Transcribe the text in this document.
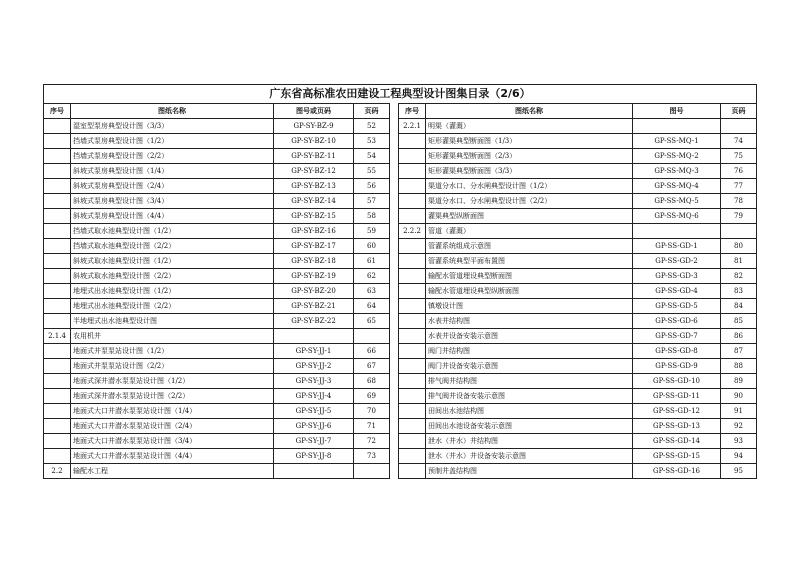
广东省高标准农田建设工程典型设计图集目录（2/6）
序号	图纸名称	图号或页码	页码
	湿室型泵房典型设计图（3/3）	GP-SY-BZ-9	52
	挡墙式泵房典型设计图（1/2）	GP-SY-BZ-10	53
	挡墙式泵房典型设计图（2/2）	GP-SY-BZ-11	54
	斜坡式泵房典型设计图（1/4）	GP-SY-BZ-12	55
	斜坡式泵房典型设计图（2/4）	GP-SY-BZ-13	56
	斜坡式泵房典型设计图（3/4）	GP-SY-BZ-14	57
	斜坡式泵房典型设计图（4/4）	GP-SY-BZ-15	58
	挡墙式取水池典型设计图（1/2）	GP-SY-BZ-16	59
	挡墙式取水池典型设计图（2/2）	GP-SY-BZ-17	60
	斜坡式取水池典型设计图（1/2）	GP-SY-BZ-18	61
	斜坡式取水池典型设计图（2/2）	GP-SY-BZ-19	62
	地埋式出水池典型设计图（1/2）	GP-SY-BZ-20	63
	地埋式出水池典型设计图（2/2）	GP-SY-BZ-21	64
	半地埋式出水池典型设计图	GP-SY-BZ-22	65
2.1.4	农用机井		
	地面式井泵泵站设计图（1/2）	GP-SY-JJ-1	66
	地面式井泵泵站设计图（2/2）	GP-SY-JJ-2	67
	地面式深井潜水泵泵站设计图（1/2）	GP-SY-JJ-3	68
	地面式深井潜水泵泵站设计图（2/2）	GP-SY-JJ-4	69
	地面式大口井潜水泵泵站设计图（1/4）	GP-SY-JJ-5	70
	地面式大口井潜水泵泵站设计图（2/4）	GP-SY-JJ-6	71
	地面式大口井潜水泵泵站设计图（3/4）	GP-SY-JJ-7	72
	地面式大口井潜水泵泵站设计图（4/4）	GP-SY-JJ-8	73
2.2	输配水工程		
序号	图纸名称	图号	页码
2.2.1	明渠（灌溉）		
	矩形灌渠典型断面图（1/3）	GP-SS-MQ-1	74
	矩形灌渠典型断面图（2/3）	GP-SS-MQ-2	75
	矩形灌渠典型断面图（3/3）	GP-SS-MQ-3	76
	渠道分水口、分水闸典型设计图（1/2）	GP-SS-MQ-4	77
	渠道分水口、分水闸典型设计图（2/2）	GP-SS-MQ-5	78
	灌渠典型纵断面图	GP-SS-MQ-6	79
2.2.2	管道（灌溉）		
	管灌系统组成示意图	GP-SS-GD-1	80
	管灌系统典型平面布置图	GP-SS-GD-2	81
	输配水管道埋设典型断面图	GP-SS-GD-3	82
	输配水管道埋设典型纵断面图	GP-SS-GD-4	83
	镇墩设计图	GP-SS-GD-5	84
	水表井结构图	GP-SS-GD-6	85
	水表井设备安装示意图	GP-SS-GD-7	86
	阀门井结构图	GP-SS-GD-8	87
	阀门井设备安装示意图	GP-SS-GD-9	88
	排气阀井结构图	GP-SS-GD-10	89
	排气阀井设备安装示意图	GP-SS-GD-11	90
	田间出水池结构图	GP-SS-GD-12	91
	田间出水池设备安装示意图	GP-SS-GD-13	92
	泄水（井水）井结构图	GP-SS-GD-14	93
	泄水（井水）井设备安装示意图	GP-SS-GD-15	94
	预制井盖结构图	GP-SS-GD-16	95
